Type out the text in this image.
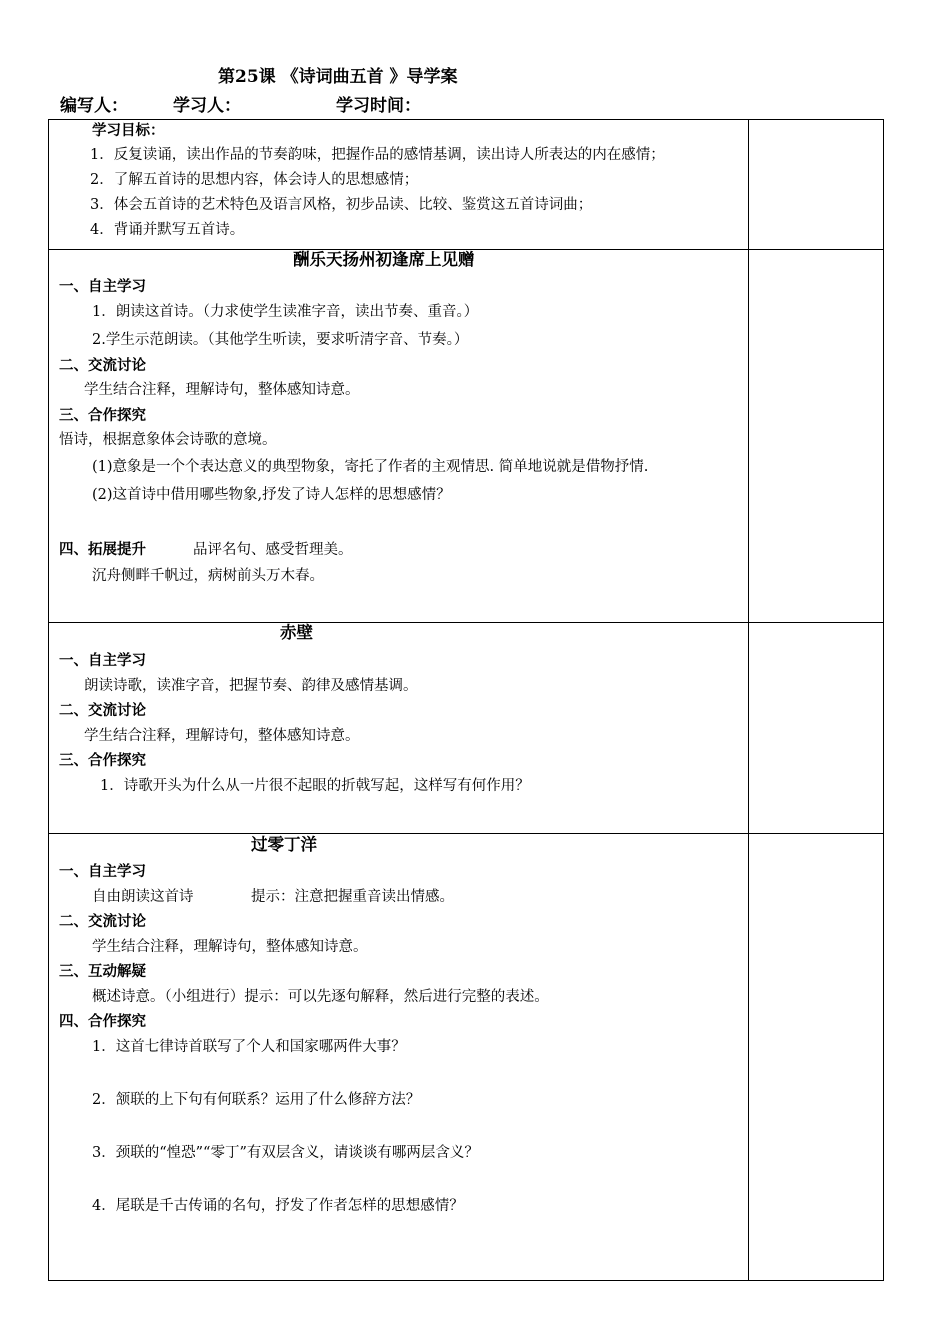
第25课 《诗词曲五首 》导学案
编写人：	学习人：	学习时间：
学习目标：
1．反复读诵，读出作品的节奏韵味，把握作品的感情基调，读出诗人所表达的内在感情；
2．了解五首诗的思想内容，体会诗人的思想感情；
3．体会五首诗的艺术特色及语言风格，初步品读、比较、鉴赏这五首诗词曲；
4．背诵并默写五首诗。
酬乐天扬州初逢席上见赠
一、自主学习
1．朗读这首诗。（力求使学生读准字音，读出节奏、重音。）
2.学生示范朗读。（其他学生听读，要求听清字音、节奏。）
二、交流讨论
学生结合注释，理解诗句，整体感知诗意。
三、合作探究
悟诗，根据意象体会诗歌的意境。
(1)意象是一个个表达意义的典型物象，寄托了作者的主观情思. 简单地说就是借物抒情.
(2)这首诗中借用哪些物象,抒发了诗人怎样的思想感情？
四、拓展提升	品评名句、感受哲理美。
沉舟侧畔千帆过，病树前头万木春。
赤壁
一、自主学习
朗读诗歌，读准字音，把握节奏、韵律及感情基调。
二、交流讨论
学生结合注释，理解诗句，整体感知诗意。
三、合作探究
1．诗歌开头为什么从一片很不起眼的折戟写起，这样写有何作用？
过零丁洋
一、自主学习
自由朗读这首诗	提示：注意把握重音读出情感。
二、交流讨论
学生结合注释，理解诗句，整体感知诗意。
三、互动解疑
概述诗意。（小组进行）提示：可以先逐句解释，然后进行完整的表述。
四、合作探究
1．这首七律诗首联写了个人和国家哪两件大事？
2．颔联的上下句有何联系？运用了什么修辞方法？
3．颈联的“惶恐”“零丁”有双层含义，请谈谈有哪两层含义？
4．尾联是千古传诵的名句，抒发了作者怎样的思想感情？
